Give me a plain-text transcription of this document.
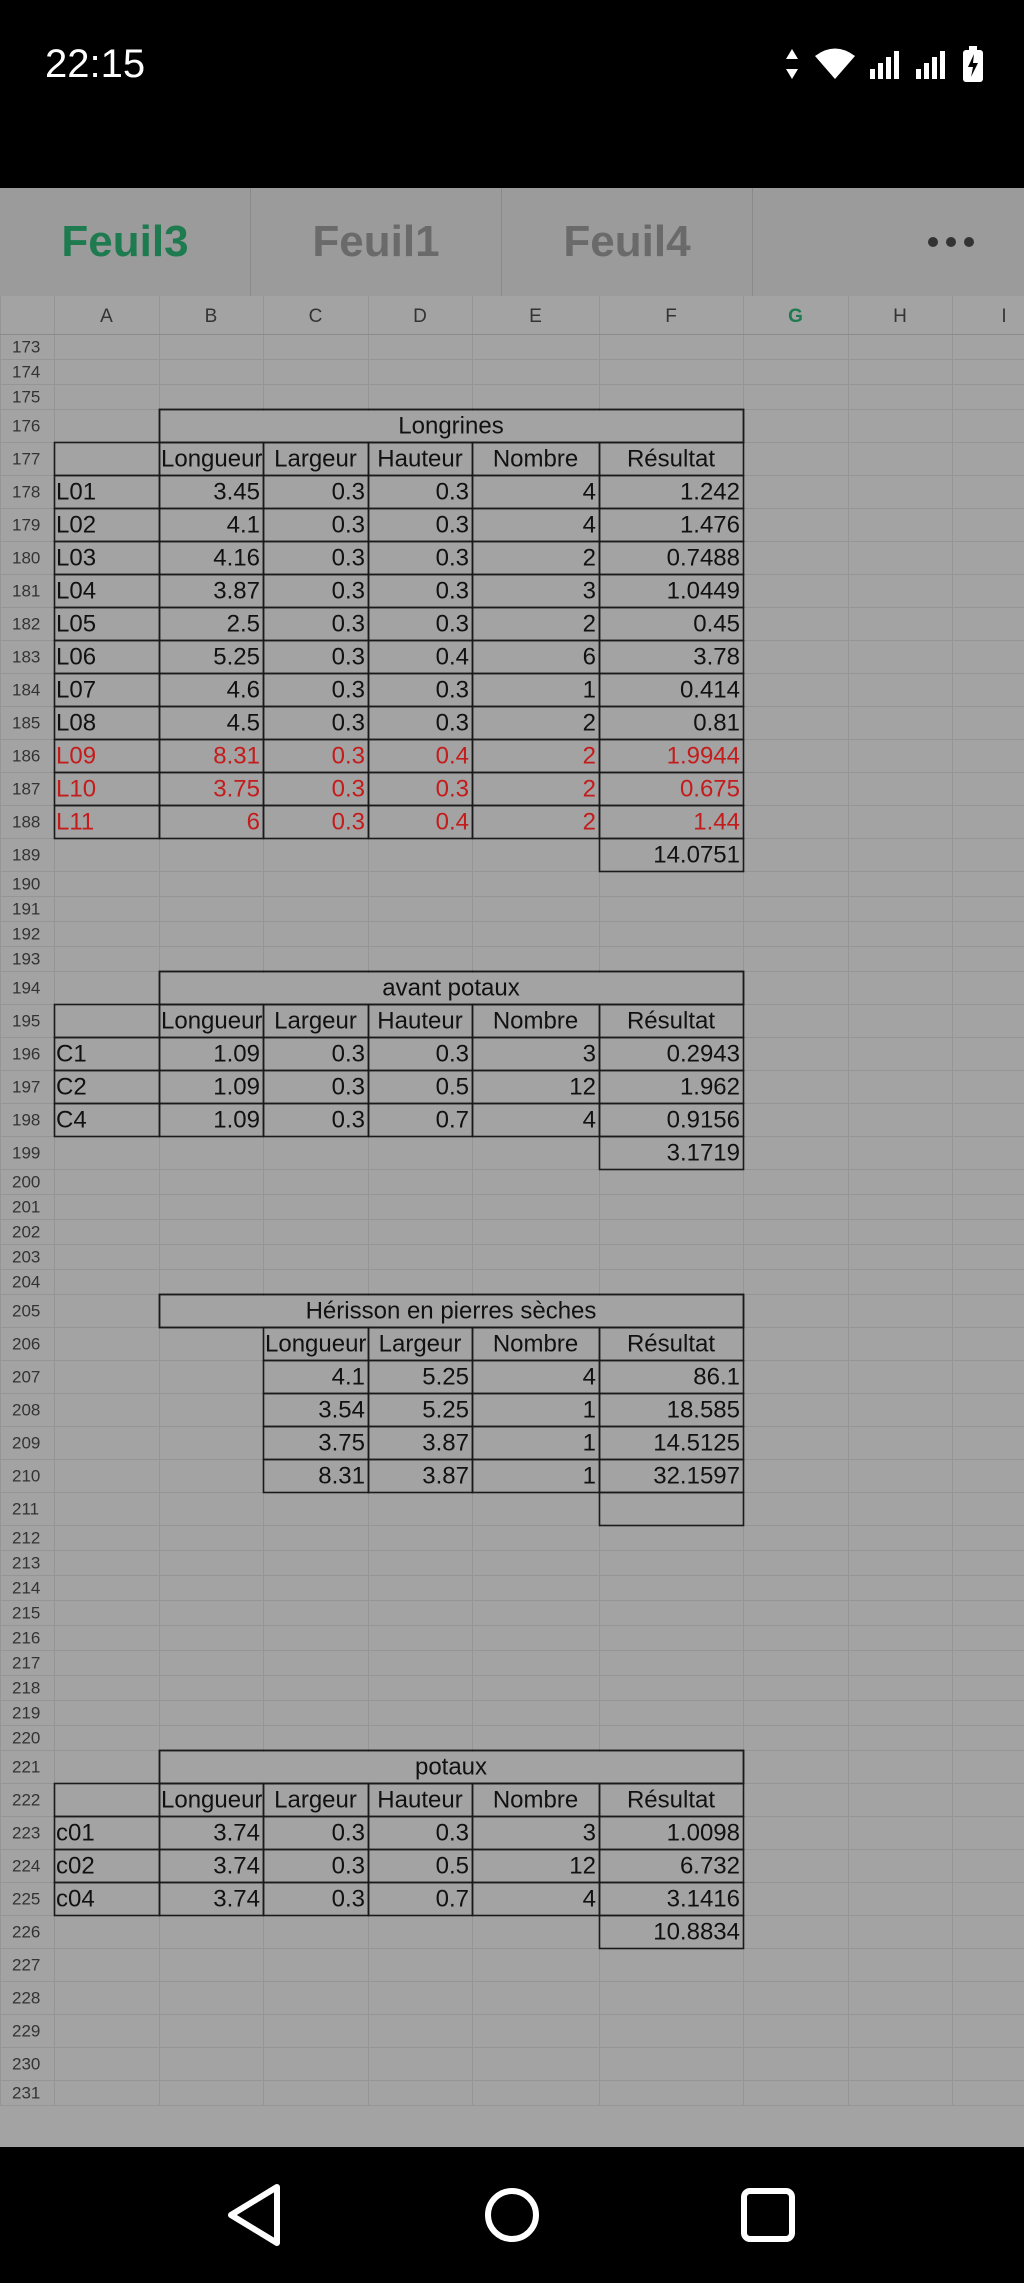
22:15
Feuil3	Feuil1	Feuil4
A	B	C	D	E	F	G	H	I
173
174
175
176
177
178
179
180
181
182
183
184
185
186
187
188
189
190
191
192
193
194
195
196
197
198
199
200
201
202
203
204
205
206
207
208
209
210
211
212
213
214
215
216
217
218
219
220
221
222
223
224
225
226
227
228
229
230
231
Longrines
Longueur Largeur Hauteur Nombre Résultat
L01	3.45	0.3	0.3	4	1.242
L02	4.1	0.3	0.3	4	1.476
L03	4.16	0.3	0.3	2	0.7488
L04	3.87	0.3	0.3	3	1.0449
L05	2.5	0.3	0.3	2	0.45
L06	5.25	0.3	0.4	6	3.78
L07	4.6	0.3	0.3	1	0.414
L08	4.5	0.3	0.3	2	0.81
L09	8.31	0.3	0.4	2	1.9944
L10	3.75	0.3	0.3	2	0.675
L11	6	0.3	0.4	2	1.44
14.0751
avant potaux
Longueur Largeur Hauteur Nombre Résultat
C1	1.09	0.3	0.3	3	0.2943
C2	1.09	0.3	0.5	12	1.962
C4	1.09	0.3	0.7	4	0.9156
3.1719
Hérisson en pierres sèches
Longueur Largeur Nombre Résultat
4.1 5.25	4	86.1
3.54 5.25	1	18.585
3.75 3.87	1 14.5125
8.31 3.87	1 32.1597
potaux
Longueur Largeur Hauteur Nombre Résultat
c01	3.74	0.3	0.3	3	1.0098
c02	3.74	0.3	0.5	12	6.732
c04	3.74	0.3	0.7	4	3.1416
10.8834
